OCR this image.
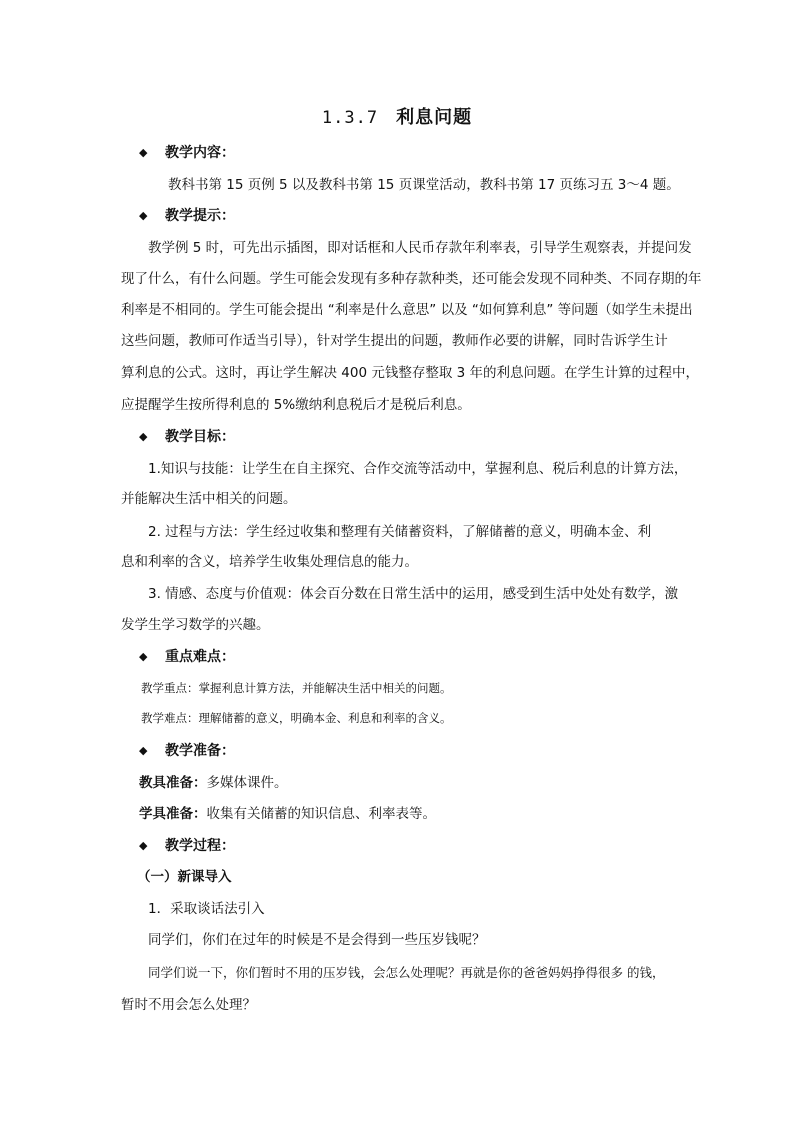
1.3.7 利息问题
◆ 教学内容：
教科书第 15 页例 5 以及教科书第 15 页课堂活动，教科书第 17 页练习五 3～4 题。
◆ 教学提示：
教学例 5 时，可先出示插图，即对话框和人民币存款年利率表，引导学生观察表，并提问发
现了什么，有什么问题。学生可能会发现有多种存款种类，还可能会发现不同种类、不同存期的年
利率是不相同的。学生可能会提出 “利率是什么意思” 以及 “如何算利息” 等问题（如学生未提出
这些问题，教师可作适当引导），针对学生提出的问题，教师作必要的讲解，同时告诉学生计
算利息的公式。这时，再让学生解决 400 元钱整存整取 3 年的利息问题。在学生计算的过程中，
应提醒学生按所得利息的 5%缴纳利息税后才是税后利息。
◆ 教学目标：
1.知识与技能：让学生在自主探究、合作交流等活动中，掌握利息、税后利息的计算方法，
并能解决生活中相关的问题。
2. 过程与方法：学生经过收集和整理有关储蓄资料，了解储蓄的意义，明确本金、利
息和利率的含义，培养学生收集处理信息的能力。
3. 情感、态度与价值观：体会百分数在日常生活中的运用，感受到生活中处处有数学，激
发学生学习数学的兴趣。
◆ 重点难点：
教学重点：掌握利息计算方法，并能解决生活中相关的问题。
教学难点：理解储蓄的意义，明确本金、利息和利率的含义。
◆ 教学准备：
教具准备：多媒体课件。
学具准备：收集有关储蓄的知识信息、利率表等。
◆ 教学过程：
（一）新课导入
1．采取谈话法引入
同学们，你们在过年的时候是不是会得到一些压岁钱呢？
同学们说一下，你们暂时不用的压岁钱，会怎么处理呢？再就是你的爸爸妈妈挣得很多 的钱，
暂时不用会怎么处理？
